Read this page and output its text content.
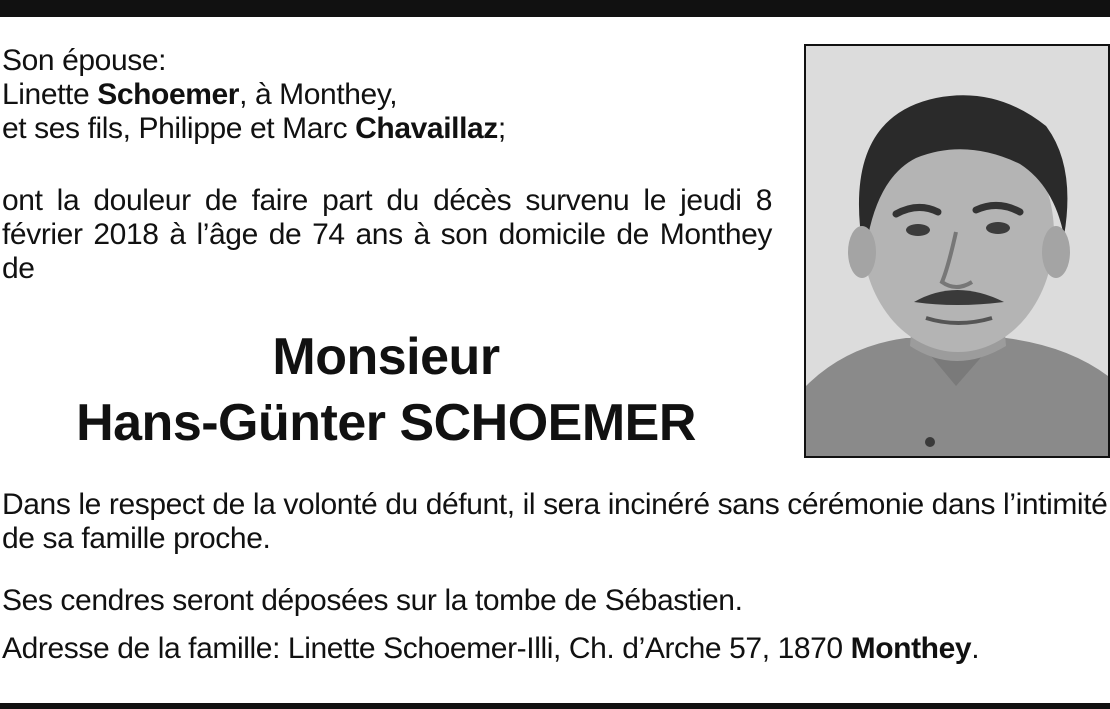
Son épouse:
Linette Schoemer, à Monthey,
et ses fils, Philippe et Marc Chavaillaz;
ont la douleur de faire part du décès survenu le jeudi 8 février 2018 à l’âge de 74 ans à son domicile de Monthey de
Monsieur
Hans-Günter SCHOEMER
Dans le respect de la volonté du défunt, il sera incinéré sans cérémonie dans l’intimité de sa famille proche.
Ses cendres seront déposées sur la tombe de Sébastien.
Adresse de la famille: Linette Schoemer-Illi, Ch. d’Arche 57, 1870 Monthey.
